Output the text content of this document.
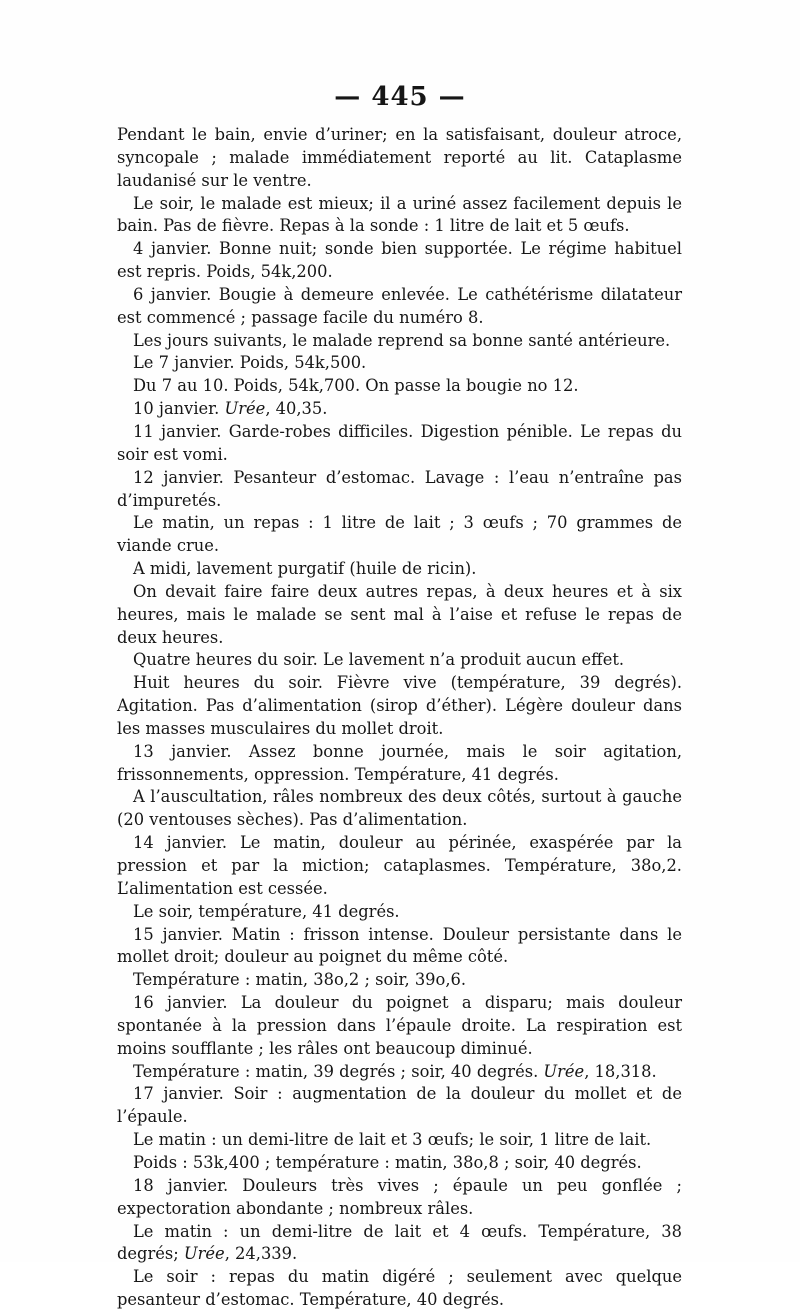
— 445 —

Pendant le bain, envie d’uriner; en la satisfaisant, douleur atroce, syncopale ; malade immédiatement reporté au lit. Cataplasme laudanisé sur le ventre.

Le soir, le malade est mieux; il a uriné assez facilement depuis le bain. Pas de fièvre. Repas à la sonde : 1 litre de lait et 5 œufs.

4 janvier. Bonne nuit; sonde bien supportée. Le régime habituel est repris. Poids, 54k,200.

6 janvier. Bougie à demeure enlevée. Le cathétérisme dilatateur est commencé ; passage facile du numéro 8.

Les jours suivants, le malade reprend sa bonne santé antérieure.

Le 7 janvier. Poids, 54k,500.

Du 7 au 10. Poids, 54k,700. On passe la bougie no 12.

10 janvier. Urée, 40,35.

11 janvier. Garde-robes difficiles. Digestion pénible. Le repas du soir est vomi.

12 janvier. Pesanteur d’estomac. Lavage : l’eau n’entraîne pas d’impuretés.

Le matin, un repas : 1 litre de lait ; 3 œufs ; 70 grammes de viande crue.

A midi, lavement purgatif (huile de ricin).

On devait faire faire deux autres repas, à deux heures et à six heures, mais le malade se sent mal à l’aise et refuse le repas de deux heures.

Quatre heures du soir. Le lavement n’a produit aucun effet.

Huit heures du soir. Fièvre vive (température, 39 degrés). Agitation. Pas d’alimentation (sirop d’éther). Légère douleur dans les masses musculaires du mollet droit.

13 janvier. Assez bonne journée, mais le soir agitation, frissonnements, oppression. Température, 41 degrés.

A l’auscultation, râles nombreux des deux côtés, surtout à gauche (20 ventouses sèches). Pas d’alimentation.

14 janvier. Le matin, douleur au périnée, exaspérée par la pression et par la miction; cataplasmes. Température, 38o,2. L’alimentation est cessée.

Le soir, température, 41 degrés.

15 janvier. Matin : frisson intense. Douleur persistante dans le mollet droit; douleur au poignet du même côté.

Température : matin, 38o,2 ; soir, 39o,6.

16 janvier. La douleur du poignet a disparu; mais douleur spontanée à la pression dans l’épaule droite. La respiration est moins soufflante ; les râles ont beaucoup diminué.

Température : matin, 39 degrés ; soir, 40 degrés. Urée, 18,318.

17 janvier. Soir : augmentation de la douleur du mollet et de l’épaule.

Le matin : un demi-litre de lait et 3 œufs; le soir, 1 litre de lait.

Poids : 53k,400 ; température : matin, 38o,8 ; soir, 40 degrés.

18 janvier. Douleurs très vives ; épaule un peu gonflée ; expectoration abondante ; nombreux râles.

Le matin : un demi-litre de lait et 4 œufs. Température, 38 degrés; Urée, 24,339.

Le soir : repas du matin digéré ; seulement avec quelque pesanteur d’estomac. Température, 40 degrés.
